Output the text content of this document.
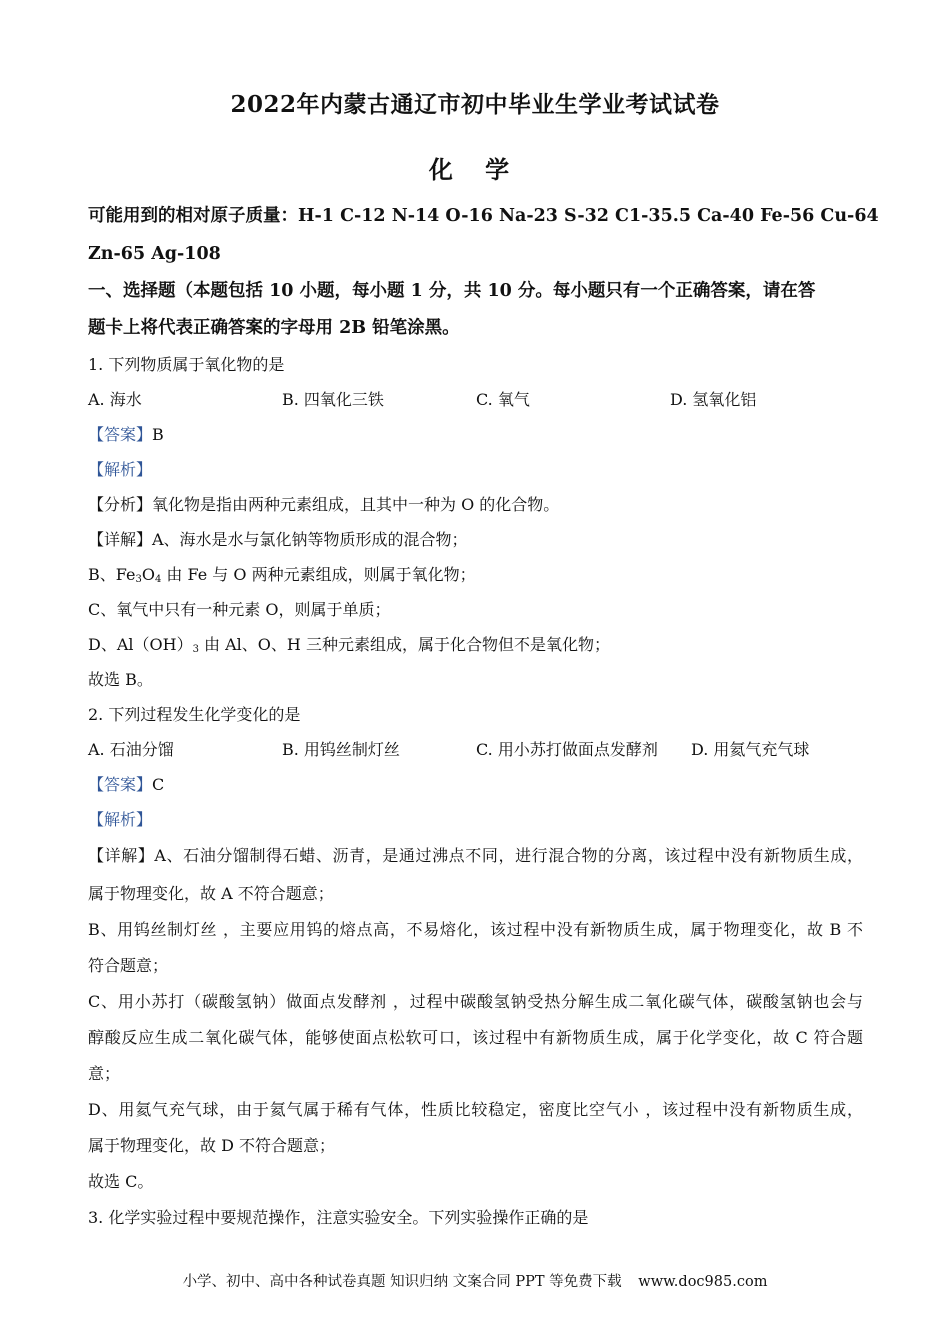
2022年内蒙古通辽市初中毕业生学业考试试卷
化 学
可能用到的相对原子质量：H-1 C-12 N-14 O-16 Na-23 S-32 C1-35.5 Ca-40 Fe-56 Cu-64
Zn-65 Ag-108
一、选择题（本题包括 10 小题，每小题 1 分，共 10 分。每小题只有一个正确答案，请在答
题卡上将代表正确答案的字母用 2B 铅笔涂黑。
1. 下列物质属于氧化物的是
A. 海水	B. 四氧化三铁	C. 氧气	D. 氢氧化铝
【答案】B
【解析】
【分析】氧化物是指由两种元素组成，且其中一种为 O 的化合物。
【详解】A、海水是水与氯化钠等物质形成的混合物；
B、$Fe_3O_4$ 由 Fe 与 O 两种元素组成，则属于氧化物；
C、氧气中只有一种元素 O，则属于单质；
D、$Al(OH)_3$ 由 Al、O、H 三种元素组成，属于化合物但不是氧化物；
故选 B。
2. 下列过程发生化学变化的是
A. 石油分馏	B. 用钨丝制灯丝	C. 用小苏打做面点发酵剂 D. 用氦气充气球
【答案】C
【解析】
【详解】A、石油分馏制得石蜡、沥青，是通过沸点不同，进行混合物的分离，该过程中没有新物质生成，
属于物理变化，故 A 不符合题意；
B、用钨丝制灯丝 ，主要应用钨的熔点高，不易熔化，该过程中没有新物质生成，属于物理变化，故 B 不
符合题意；
C、用小苏打（碳酸氢钠）做面点发酵剂 ，过程中碳酸氢钠受热分解生成二氧化碳气体，碳酸氢钠也会与
醇酸反应生成二氧化碳气体，能够使面点松软可口，该过程中有新物质生成，属于化学变化，故 C 符合题
意；
D、用氦气充气球，由于氦气属于稀有气体，性质比较稳定，密度比空气小 ，该过程中没有新物质生成，
属于物理变化，故 D 不符合题意；
故选 C。
3. 化学实验过程中要规范操作，注意实验安全。下列实验操作正确的是
小学、初中、高中各种试卷真题 知识归纳 文案合同 PPT 等免费下载 www.doc985.com
